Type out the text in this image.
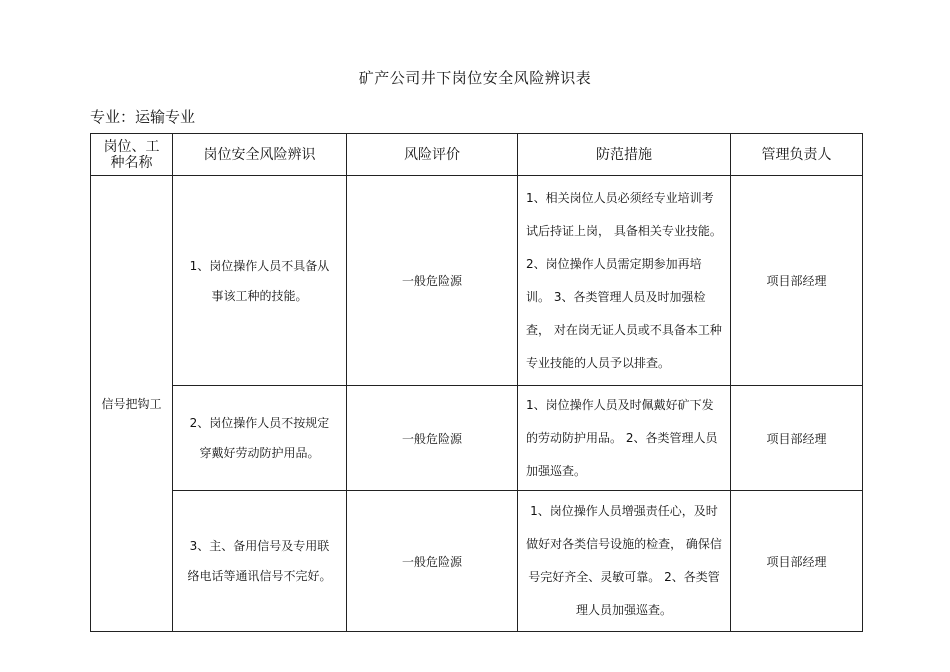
矿产公司井下岗位安全风险辨识表
专业：运输专业
岗位、工种名称	岗位安全风险辨识	风险评价	防范措施	管理负责人
信号把钩工	1、岗位操作人员不具备从事该工种的技能。	一般危险源	1、相关岗位人员必须经专业培训考试后持证上岗， 具备相关专业技能。 2、岗位操作人员需定期参加再培训。 3、各类管理人员及时加强检查， 对在岗无证人员或不具备本工种专业技能的人员予以排查。	项目部经理

	2、岗位操作人员不按规定穿戴好劳动防护用品。	一般危险源	1、岗位操作人员及时佩戴好矿下发的劳动防护用品。 2、各类管理人员加强巡查。	项目部经理

	3、主、备用信号及专用联络电话等通讯信号不完好。	一般危险源	1、岗位操作人员增强责任心，及时做好对各类信号设施的检查， 确保信号完好齐全、灵敏可靠。 2、各类管理人员加强巡查。	项目部经理
